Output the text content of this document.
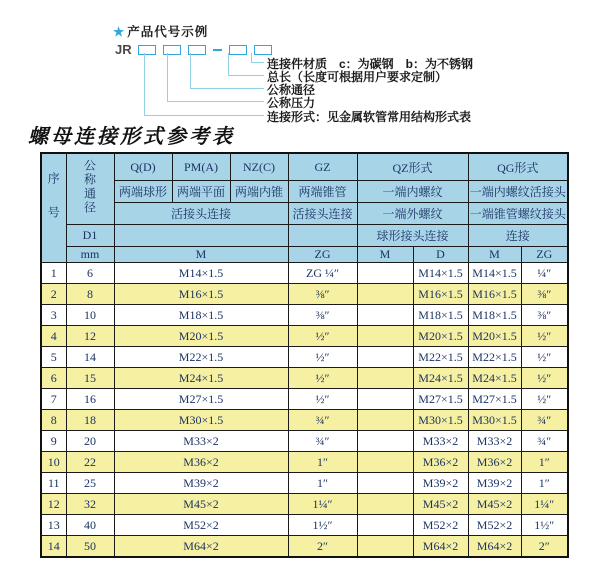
★ 产品代号示例
JR
连接件材质　c：为碳钢　b：为不锈钢
总长（长度可根据用户要求定制）
公称通径
公称压力
连接形式：见金属软管常用结构形式表
螺母连接形式参考表
序号	公称通径	Q(D)	PM(A)	NZ(C)	GZ	QZ形式		QG形式	
		两端球形	两端平面	两端内锥	两端锥管	一端内螺纹		一端内螺纹活接头	
		活接头连接			活接头连接	一端外螺纹		一端锥管螺纹接头	
	D1					球形接头连接		连接	
	mm	M			ZG	M	D	M	ZG
1	6	M14×1.5			ZG ¼″		M14×1.5	M14×1.5	¼″
2	8	M16×1.5			⅜″		M16×1.5	M16×1.5	⅜″
3	10	M18×1.5			⅜″		M18×1.5	M18×1.5	⅜″
4	12	M20×1.5			½″		M20×1.5	M20×1.5	½″
5	14	M22×1.5			½″		M22×1.5	M22×1.5	½″
6	15	M24×1.5			½″		M24×1.5	M24×1.5	½″
7	16	M27×1.5			½″		M27×1.5	M27×1.5	½″
8	18	M30×1.5			¾″		M30×1.5	M30×1.5	¾″
9	20	M33×2			¾″		M33×2	M33×2	¾″
10	22	M36×2			1″		M36×2	M36×2	1″
11	25	M39×2			1″		M39×2	M39×2	1″
12	32	M45×2			1¼″		M45×2	M45×2	1¼″
13	40	M52×2			1½″		M52×2	M52×2	1½″
14	50	M64×2			2″		M64×2	M64×2	2″
